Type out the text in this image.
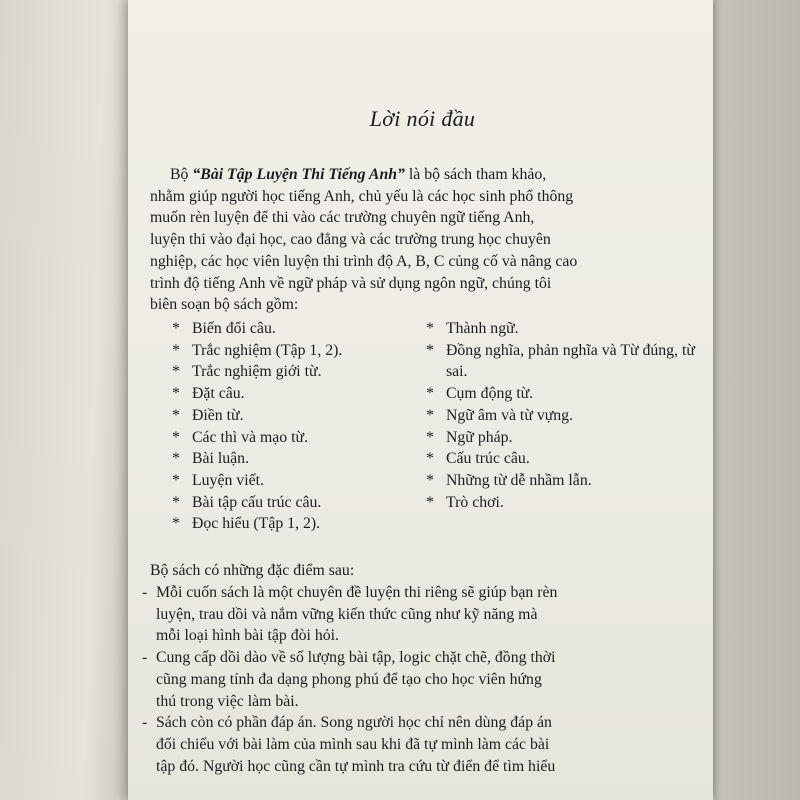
Lời nói đầu

Bộ “Bài Tập Luyện Thi Tiếng Anh” là bộ sách tham khảo,
nhằm giúp người học tiếng Anh, chủ yếu là các học sinh phổ thông
muốn rèn luyện để thi vào các trường chuyên ngữ tiếng Anh,
luyện thi vào đại học, cao đẳng và các trường trung học chuyên
nghiệp, các học viên luyện thi trình độ A, B, C củng cố và nâng cao
trình độ tiếng Anh về ngữ pháp và sử dụng ngôn ngữ, chúng tôi
biên soạn bộ sách gồm:

* Biến đổi câu.
* Trắc nghiệm (Tập 1, 2).
* Trắc nghiệm giới từ.
* Đặt câu.
* Điền từ.
* Các thì và mạo từ.
* Bài luận.
* Luyện viết.
* Bài tập cấu trúc câu.
* Đọc hiểu (Tập 1, 2).
* Thành ngữ.
* Đồng nghĩa, phản nghĩa và Từ đúng, từ sai.
* Cụm động từ.
* Ngữ âm và từ vựng.
* Ngữ pháp.
* Cấu trúc câu.
* Những từ dễ nhầm lẫn.
* Trò chơi.

Bộ sách có những đặc điểm sau:

- Mỗi cuốn sách là một chuyên đề luyện thi riêng sẽ giúp bạn rèn
luyện, trau dồi và nắm vững kiến thức cũng như kỹ năng mà
mỗi loại hình bài tập đòi hỏi.
- Cung cấp dồi dào về số lượng bài tập, logic chặt chẽ, đồng thời
cũng mang tính đa dạng phong phú để tạo cho học viên hứng
thú trong việc làm bài.
- Sách còn có phần đáp án. Song người học chỉ nên dùng đáp án
đối chiếu với bài làm của mình sau khi đã tự mình làm các bài
tập đó. Người học cũng cần tự mình tra cứu từ điển để tìm hiểu
